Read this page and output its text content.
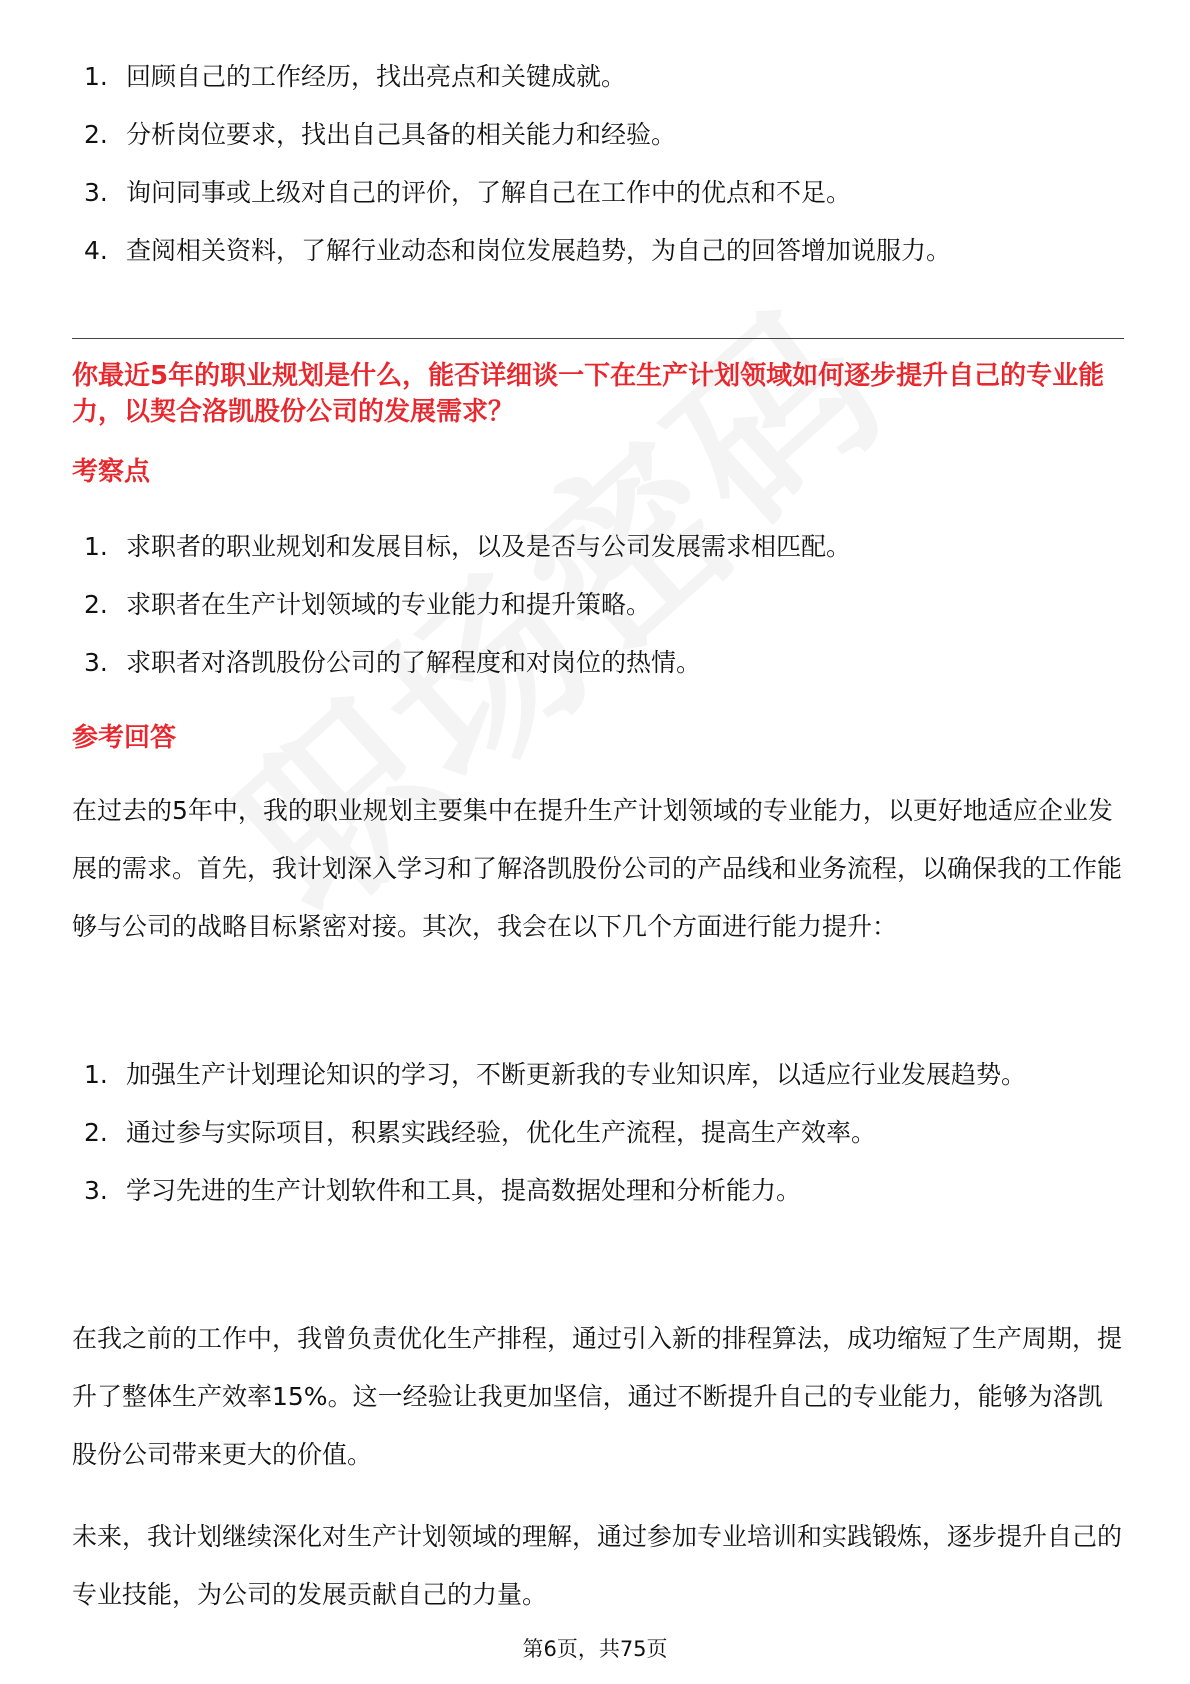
1. 回顾自己的工作经历，找出亮点和关键成就。
2. 分析岗位要求，找出自己具备的相关能力和经验。
3. 询问同事或上级对自己的评价，了解自己在工作中的优点和不足。
4. 查阅相关资料，了解行业动态和岗位发展趋势，为自己的回答增加说服力。
你最近5年的职业规划是什么，能否详细谈一下在生产计划领域如何逐步提升自己的专业能力，以契合洛凯股份公司的发展需求？
考察点
1. 求职者的职业规划和发展目标，以及是否与公司发展需求相匹配。
2. 求职者在生产计划领域的专业能力和提升策略。
3. 求职者对洛凯股份公司的了解程度和对岗位的热情。
参考回答

在过去的5年中，我的职业规划主要集中在提升生产计划领域的专业能力，以更好地适应企业发展的需求。首先，我计划深入学习和了解洛凯股份公司的产品线和业务流程，以确保我的工作能够与公司的战略目标紧密对接。其次，我会在以下几个方面进行能力提升：

1. 加强生产计划理论知识的学习，不断更新我的专业知识库，以适应行业发展趋势。
2. 通过参与实际项目，积累实践经验，优化生产流程，提高生产效率。
3. 学习先进的生产计划软件和工具，提高数据处理和分析能力。

在我之前的工作中，我曾负责优化生产排程，通过引入新的排程算法，成功缩短了生产周期，提升了整体生产效率15%。这一经验让我更加坚信，通过不断提升自己的专业能力，能够为洛凯股份公司带来更大的价值。

未来，我计划继续深化对生产计划领域的理解，通过参加专业培训和实践锻炼，逐步提升自己的专业技能，为公司的发展贡献自己的力量。

第6页，共75页
